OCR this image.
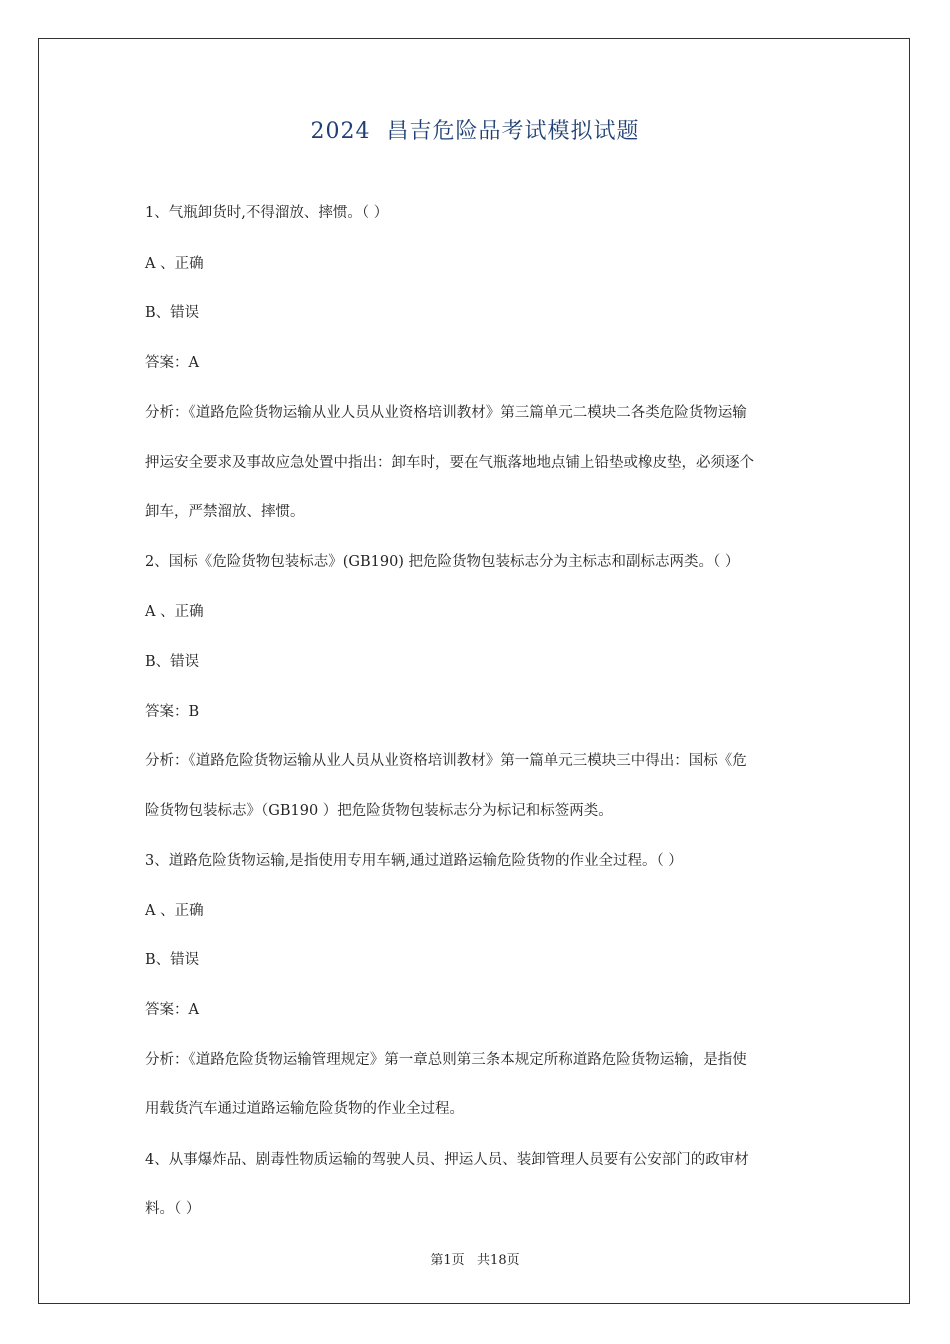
2024  昌吉危险品考试模拟试题
1、气瓶卸货时,不得溜放、摔惯。（ ）
A 、正确
B、错误
答案：A
分析：《道路危险货物运输从业人员从业资格培训教材》第三篇单元二模块二各类危险货物运输
押运安全要求及事故应急处置中指出：卸车时，要在气瓶落地地点铺上铅垫或橡皮垫，必须逐个
卸车，严禁溜放、摔惯。
2、国标《危险货物包装标志》(GB190) 把危险货物包装标志分为主标志和副标志两类。（ ）
A 、正确
B、错误
答案：B
分析：《道路危险货物运输从业人员从业资格培训教材》第一篇单元三模块三中得出：国标《危
险货物包装标志》（GB190 ）把危险货物包装标志分为标记和标签两类。
3、道路危险货物运输,是指使用专用车辆,通过道路运输危险货物的作业全过程。（ ）
A 、正确
B、错误
答案：A
分析：《道路危险货物运输管理规定》第一章总则第三条本规定所称道路危险货物运输，是指使
用载货汽车通过道路运输危险货物的作业全过程。
4、从事爆炸品、剧毒性物质运输的驾驶人员、押运人员、装卸管理人员要有公安部门的政审材
料。（ ）
第1页   共18页
